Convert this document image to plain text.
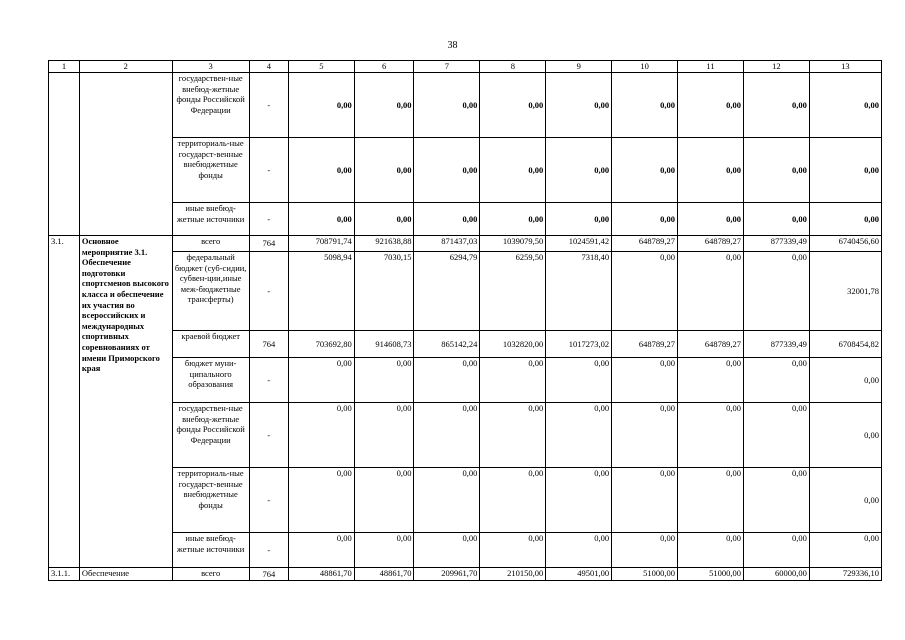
38
1	2	3	4	5	6	7	8	9	10	11	12	13
		государствен-ные внебюд-жетные фонды Российской Федерации	-	0,00	0,00	0,00	0,00	0,00	0,00	0,00	0,00	0,00
		территориаль-ные государст-венные внебюджетные фонды	-	0,00	0,00	0,00	0,00	0,00	0,00	0,00	0,00	0,00
		иные внебюд-жетные источники	-	0,00	0,00	0,00	0,00	0,00	0,00	0,00	0,00	0,00
3.1.	Основное мероприятие 3.1. Обеспечение подготовки спортсменов высокого класса и обеспечение их участия во всероссийских и международных спортивных соревнованиях от имени Приморского края	всего	764	708791,74	921638,88	871437,03	1039079,50	1024591,42	648789,27	648789,27	877339,49	6740456,60
		федеральный бюджет (суб-сидии, субвен-ции,иные меж-бюджетные трансферты)	-	5098,94	7030,15	6294,79	6259,50	7318,40	0,00	0,00	0,00	32001,78
		краевой бюджет	764	703692,80	914608,73	865142,24	1032820,00	1017273,02	648789,27	648789,27	877339,49	6708454,82
		бюджет муни-ципального образования	-	0,00	0,00	0,00	0,00	0,00	0,00	0,00	0,00	0,00
		государствен-ные внебюд-жетные фонды Российской Федерации	-	0,00	0,00	0,00	0,00	0,00	0,00	0,00	0,00	0,00
		территориаль-ные государст-венные внебюджетные фонды	-	0,00	0,00	0,00	0,00	0,00	0,00	0,00	0,00	0,00
		иные внебюд-жетные источники	-	0,00	0,00	0,00	0,00	0,00	0,00	0,00	0,00	0,00
3.1.1.	Обеспечение	всего	764	48861,70	48861,70	209961,70	210150,00	49501,00	51000,00	51000,00	60000,00	729336,10
